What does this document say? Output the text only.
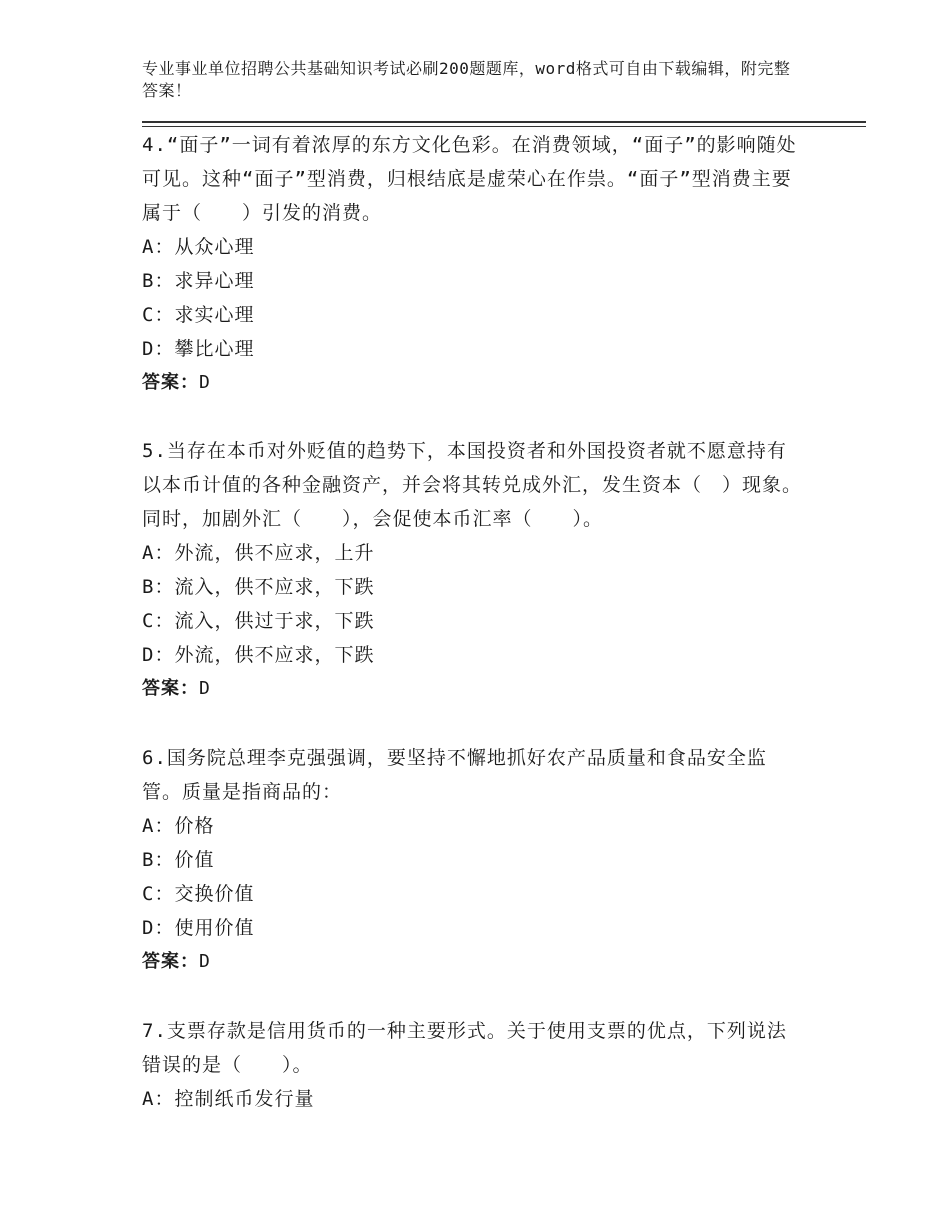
专业事业单位招聘公共基础知识考试必刷200题题库，word格式可自由下载编辑，附完整答案！

4.“面子”一词有着浓厚的东方文化色彩。在消费领域，“面子”的影响随处可见。这种“面子”型消费，归根结底是虚荣心在作祟。“面子”型消费主要属于（　　）引发的消费。

A：从众心理

B：求异心理

C：求实心理

D：攀比心理

答案：D

5.当存在本币对外贬值的趋势下，本国投资者和外国投资者就不愿意持有以本币计值的各种金融资产，并会将其转兑成外汇，发生资本（　）现象。同时，加剧外汇（　　），会促使本币汇率（　　）。

A：外流，供不应求，上升

B：流入，供不应求，下跌

C：流入，供过于求，下跌

D：外流，供不应求，下跌

答案：D

6.国务院总理李克强强调，要坚持不懈地抓好农产品质量和食品安全监管。质量是指商品的：

A：价格

B：价值

C：交换价值

D：使用价值

答案：D

7.支票存款是信用货币的一种主要形式。关于使用支票的优点，下列说法错误的是（　　）。

A：控制纸币发行量
